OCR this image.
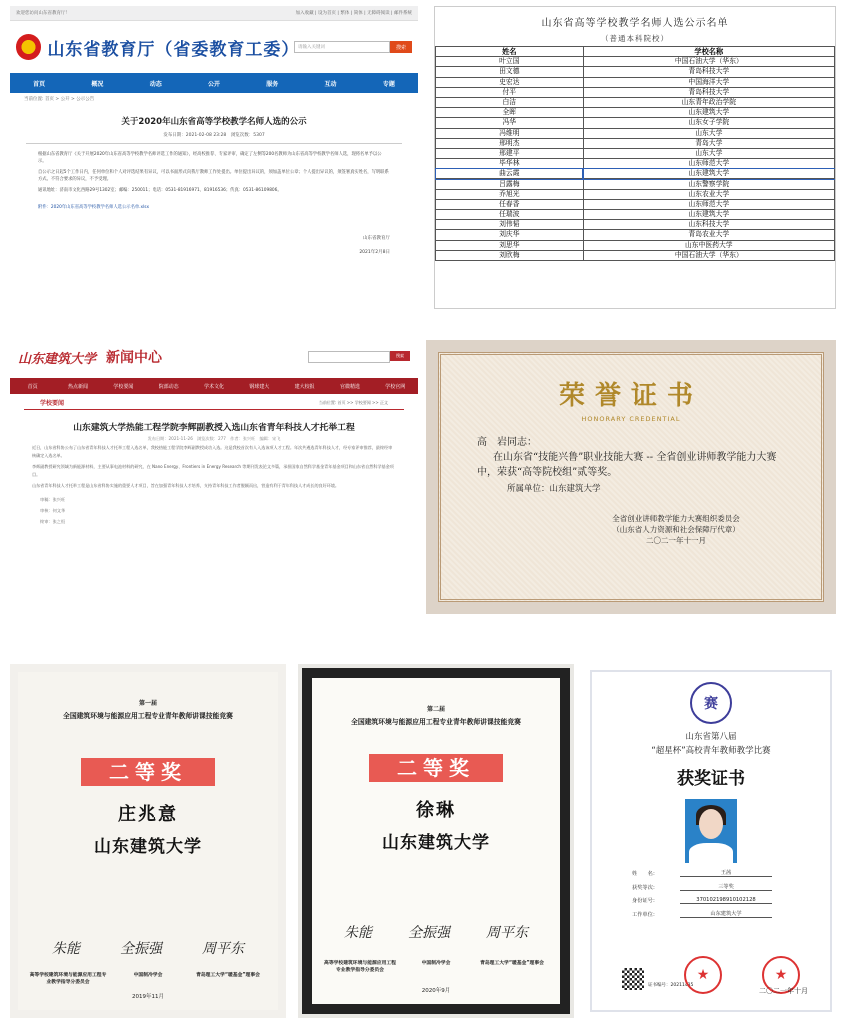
欢迎您访问山东省教育厅！	加入收藏 | 设为首页 | 繁体 | 简体 | 无障碍阅读 | 邮件系统
山东省教育厅（省委教育工委）
请输入关键词	搜索
首页	概况	动态	公开	服务	互动	专题
当前位置: 首页 > 公开 > 公示公告
关于2020年山东省高等学校教学名师人选的公示
发布日期：2021-02-08 23:28　浏览次数：5307
根据山东省教育厅《关于开展2020年山东省高等学校教学名师评选工作的通知》，经高校推荐、专家评审，确定了左侧等200名教师为山东省高等学校教学名师人选，现将名单予以公示。
自公示之日起5个工作日内，任何单位和个人对评选结果有异议，可以书面形式向我厅教师工作处提出。单位提出异议的，须加盖单位公章；个人提出异议的，须签署真实姓名，写明联系方式。不符合要求的异议，不予受理。
通讯地址：济南市文化西路29号1302室；邮编：250011；电话：0531-81916971、81916536；传真：0531-86109806。
附件：2020年山东省高等学校教学名师人选公示名单.xlsx
山东省教育厅
2021年2月8日
山东省高等学校教学名师人选公示名单
（普通本科院校）
姓名	学校名称
叶立国	中国石油大学（华东）
田文德	青岛科技大学
史宏达	中国海洋大学
付平	青岛科技大学
白洁	山东青年政治学院
全晖	山东建筑大学
冯华	山东女子学院
冯维明	山东大学
邢明杰	青岛大学
邢建平	山东大学
毕华林	山东师范大学
曲云霞	山东建筑大学
吕露梅	山东警察学院
乔旭光	山东农业大学
任春香	山东师范大学
任瑞波	山东建筑大学
刘伟韬	山东科技大学
刘庆华	青岛农业大学
刘思华	山东中医药大学
刘欣梅	中国石油大学（华东）
山东建筑大学 新闻中心	搜索
首页	热点新闻	学校要闻	院部动态	学术文化	钢球建大	建大校报	官微精选	学校官网
学校要闻	当前位置: 首页 >> 学校要闻 >> 正文
山东建筑大学热能工程学院李辉副教授入选山东省青年科技人才托举工程
发布日期：2021-11-26　浏览次数：277　作者：张兴旺　编辑：宋飞
近日，山东省科协公布了山东省青年科技人才托举工程入选名单，我校热能工程学院李辉副教授成功入选。这是我校首次有人入选该项人才工程。年次共遴选青年科技人才，经专家评审推荐，最终经审核确定入选名单。
李辉副教授研究领域为新能源材料，主要从事电池材料的研究，在 Nano Energy、Frontiers in Energy Research 等期刊发表论文多篇，承担国家自然科学基金青年基金项目和山东省自然科学基金项目。
山东省青年科技人才托举工程是山东省科协实施的重要人才项目，旨在加强青年科技人才培养，支持青年科技工作者脱颖而出，营造有利于青年科技人才成长的良好环境。
审稿：张兴旺
审核：何文华
终审：张之恒
荣誉证书
HONORARY CREDENTIAL
高　岩同志：
在山东省“技能兴鲁”职业技能大赛 -- 全省创业讲师教学能力大赛中，荣获“高等院校组”贰等奖。
所属单位：山东建筑大学
全省创业讲师教学能力大赛组织委员会
（山东省人力资源和社会保障厅代章）
二〇二一年十一月
第一届
全国建筑环境与能源应用工程专业青年教师讲课技能竞赛
二等奖
庄兆意
山东建筑大学
朱能	全振强	周平东
高等学校建筑环境与能源应用工程专业教学指导分委员会
中国制冷学会	青岛理工大学“暖基金”理事会
2019年11月
第二届
全国建筑环境与能源应用工程专业青年教师讲课技能竞赛
二等奖
徐琳
山东建筑大学
朱能	全振强	周平东
高等学校建筑环境与能源应用工程专业教学指导分委员会
中国制冷学会	青岛理工大学“暖基金”理事会
2020年9月
赛
山东省第八届
“超星杯”高校青年教师教学比赛
获奖证书
姓　　名：	王茜
获奖等次：	三等奖
身份证号：	370102198910102128
工作单位：	山东建筑大学
证书编号：20211435
★	★
二〇二一年十月
